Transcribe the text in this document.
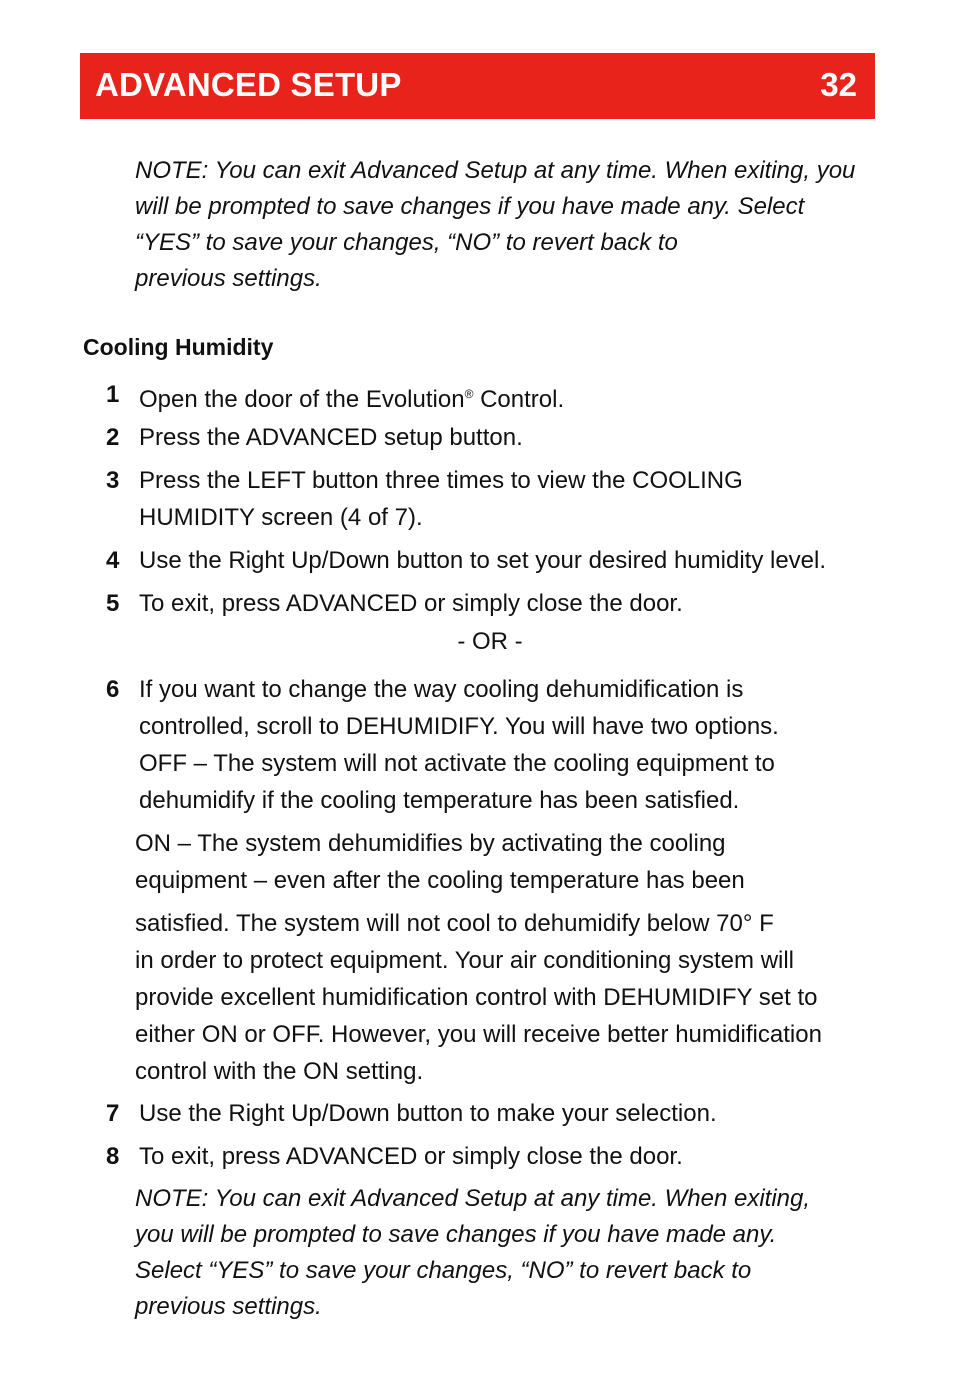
ADVANCED SETUP	32
NOTE: You can exit Advanced Setup at any time. When exiting, you
will be prompted to save changes if you have made any. Select
“YES” to save your changes, “NO” to revert back to
previous settings.
Cooling Humidity
1 Open the door of the Evolution® Control.
2 Press the ADVANCED setup button.
3 Press the LEFT button three times to view the COOLING
HUMIDITY screen (4 of 7).
4 Use the Right Up/Down button to set your desired humidity level.
5 To exit, press ADVANCED or simply close the door.
- OR -
6 If you want to change the way cooling dehumidification is
controlled, scroll to DEHUMIDIFY. You will have two options.
OFF – The system will not activate the cooling equipment to
dehumidify if the cooling temperature has been satisfied.
ON – The system dehumidifies by activating the cooling
equipment – even after the cooling temperature has been
satisfied. The system will not cool to dehumidify below 70° F
in order to protect equipment. Your air conditioning system will
provide excellent humidification control with DEHUMIDIFY set to
either ON or OFF. However, you will receive better humidification
control with the ON setting.
7 Use the Right Up/Down button to make your selection.
8 To exit, press ADVANCED or simply close the door.
NOTE: You can exit Advanced Setup at any time. When exiting,
you will be prompted to save changes if you have made any.
Select “YES” to save your changes, “NO” to revert back to
previous settings.
